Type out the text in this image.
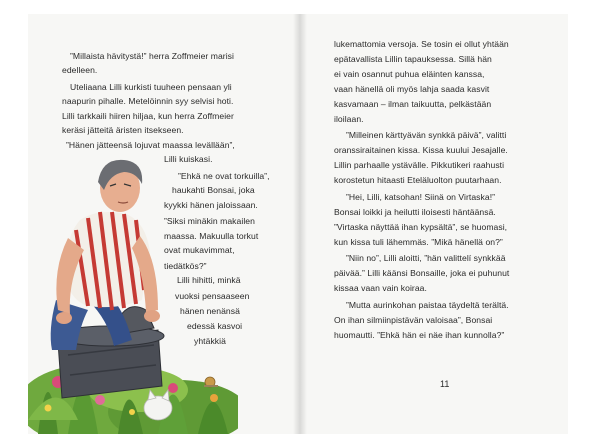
”Millaista hävitystä!” herra Zoffmeier marisi
edelleen.
Uteliaana Lilli kurkisti tuuheen pensaan yli
naapurin pihalle. Metelöinnin syy selvisi hoti.
Lilli tarkkaili hiiren hiljaa, kun herra Zoffmeier
keräsi jätteitä äristen itsekseen.
”Hänen jätteensä lojuvat maassa levällään”,
Lilli kuiskasi.
”Ehkä ne ovat torkuilla”,
haukahti Bonsai, joka
kyykki hänen jaloissaan.
”Siksi minäkin makailen
maassa. Makuulla torkut
ovat mukavimmat,
tiedätkös?”
Lilli hihitti, minkä
vuoksi pensaaseen
hänen nenänsä
edessä kasvoi
yhtäkkiä
lukemattomia versoja. Se tosin ei ollut yhtään
epätavallista Lillin tapauksessa. Sillä hän
ei vain osannut puhua eläinten kanssa,
vaan hänellä oli myös lahja saada kasvit
kasvamaan – ilman taikuutta, pelkästään
iloilaan.
”Milleinen kärttyävän synkkä päivä”, valitti
oranssiraitainen kissa. Kissa kuului Jesajalle.
Lillin parhaalle ystävälle. Pikkutikeri raahusti
korostetun hitaasti Eteläluolton puutarhaan.
”Hei, Lilli, katsohan! Siinä on Virtaska!”
Bonsai loikki ja heilutti iloisesti häntäänsä.
”Virtaska näyttää ihan kypsältä”, se huomasi,
kun kissa tuli lähemmäs. ”Mikä hänellä on?”
”Niin no”, Lilli aloitti, ”hän valittelí synkkää
päivää.” Lilli käänsi Bonsaille, joka ei puhunut
kissaa vaan vain koiraa.
”Mutta aurinkohan paistaa täydeltä terältä.
On ihan silmiinpistävän valoisaa”, Bonsai
huomautti. ”Ehkä hän ei näe ihan kunnolla?”
11
